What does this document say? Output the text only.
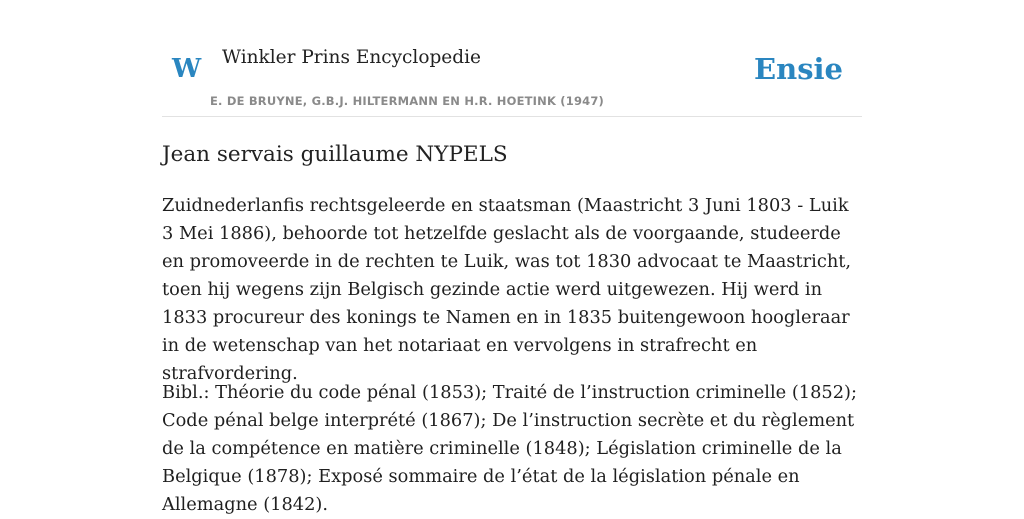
W Winkler Prins Encyclopedie
E. DE BRUYNE, G.B.J. HILTERMANN EN H.R. HOETINK (1947)
Ensie
Jean servais guillaume NYPELS

Zuidnederlanfis rechtsgeleerde en staatsman (Maastricht 3 Juni 1803 - Luik 3 Mei 1886), behoorde tot hetzelfde geslacht als de voorgaande, studeerde en promoveerde in de rechten te Luik, was tot 1830 advocaat te Maastricht, toen hij wegens zijn Belgisch gezinde actie werd uitgewezen. Hij werd in 1833 procureur des konings te Namen en in 1835 buitengewoon hoogleraar in de wetenschap van het notariaat en vervolgens in strafrecht en strafvordering.

Bibl.: Théorie du code pénal (1853); Traité de l’instruction criminelle (1852); Code pénal belge interprété (1867); De l’instruction secrète et du règlement de la compétence en matière criminelle (1848); Législation criminelle de la Belgique (1878); Exposé sommaire de l’état de la législation pénale en Allemagne (1842).
